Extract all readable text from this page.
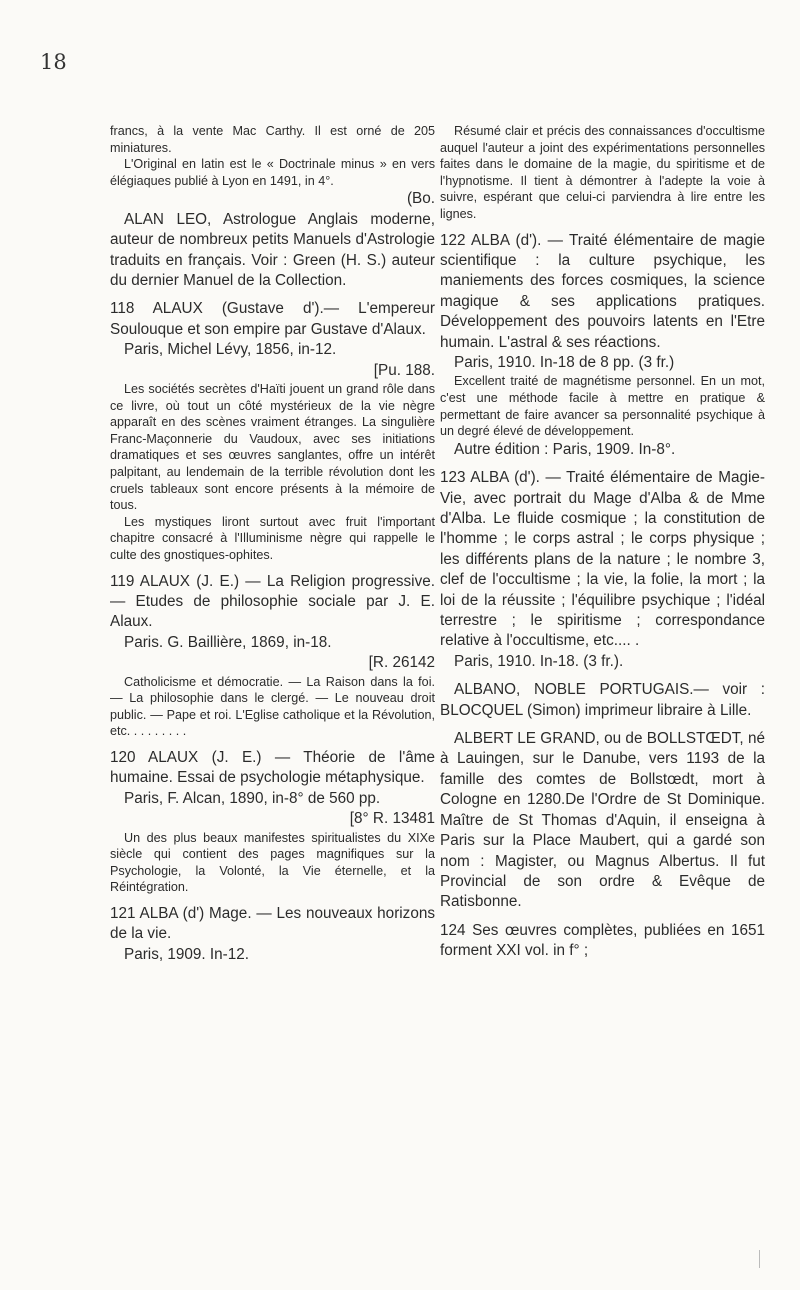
18

francs, à la vente Mac Carthy. Il est orné de 205 miniatures.

L'Original en latin est le « Doctrinale minus » en vers élégiaques publié à Lyon en 1491, in 4°.

(Bo.

ALAN LEO, Astrologue Anglais moderne, auteur de nombreux petits Manuels d'Astrologie traduits en français. Voir : Green (H. S.) auteur du dernier Manuel de la Collection.

118 ALAUX (Gustave d').— L'empereur Soulouque et son empire par Gustave d'Alaux.

Paris, Michel Lévy, 1856, in-12.

[Pu. 188.

Les sociétés secrètes d'Haïti jouent un grand rôle dans ce livre, où tout un côté mystérieux de la vie nègre apparaît en des scènes vraiment étranges. La singulière Franc-Maçonnerie du Vaudoux, avec ses initiations dramatiques et ses œuvres sanglantes, offre un intérêt palpitant, au lendemain de la terrible révolution dont les cruels tableaux sont encore présents à la mémoire de tous.

Les mystiques liront surtout avec fruit l'important chapitre consacré à l'Illuminisme nègre qui rappelle le culte des gnostiques-ophites.

119 ALAUX (J. E.) — La Religion progressive. — Etudes de philosophie sociale par J. E. Alaux.

Paris. G. Baillière, 1869, in-18.

[R. 26142

Catholicisme et démocratie. — La Raison dans la foi. — La philosophie dans le clergé. — Le nouveau droit public. — Pape et roi. L'Eglise catholique et la Révolution, etc. . . . . . . . .

120 ALAUX (J. E.) — Théorie de l'âme humaine. Essai de psychologie métaphysique.

Paris, F. Alcan, 1890, in-8° de 560 pp.

[8° R. 13481

Un des plus beaux manifestes spiritualistes du XIXe siècle qui contient des pages magnifiques sur la Psychologie, la Volonté, la Vie éternelle, et la Réintégration.

121 ALBA (d') Mage. — Les nouveaux horizons de la vie.

Paris, 1909. In-12.

Résumé clair et précis des connaissances d'occultisme auquel l'auteur a joint des expérimentations personnelles faites dans le domaine de la magie, du spiritisme et de l'hypnotisme. Il tient à démontrer à l'adepte la voie à suivre, espérant que celui-ci parviendra à lire entre les lignes.

122 ALBA (d'). — Traité élémentaire de magie scientifique : la culture psychique, les maniements des forces cosmiques, la science magique & ses applications pratiques. Développement des pouvoirs latents en l'Etre humain. L'astral & ses réactions.

Paris, 1910. In-18 de 8 pp. (3 fr.)

Excellent traité de magnétisme personnel. En un mot, c'est une méthode facile à mettre en pratique & permettant de faire avancer sa personnalité psychique à un degré élevé de développement.

Autre édition : Paris, 1909. In-8°.

123 ALBA (d'). — Traité élémentaire de Magie-Vie, avec portrait du Mage d'Alba & de Mme d'Alba. Le fluide cosmique ; la constitution de l'homme ; le corps astral ; le corps physique ; les différents plans de la nature ; le nombre 3, clef de l'occultisme ; la vie, la folie, la mort ; la loi de la réussite ; l'équilibre psychique ; l'idéal terrestre ; le spiritisme ; correspondance relative à l'occultisme, etc.... .

Paris, 1910. In-18. (3 fr.).

ALBANO, NOBLE PORTUGAIS.— voir : BLOCQUEL (Simon) imprimeur libraire à Lille.

ALBERT LE GRAND, ou de BOLLSTŒDT, né à Lauingen, sur le Danube, vers 1193 de la famille des comtes de Bollstœdt, mort à Cologne en 1280.De l'Ordre de St Dominique. Maître de St Thomas d'Aquin, il enseigna à Paris sur la Place Maubert, qui a gardé son nom : Magister, ou Magnus Albertus. Il fut Provincial de son ordre & Evêque de Ratisbonne.

124 Ses œuvres complètes, publiées en 1651 forment XXI vol. in f° ;
